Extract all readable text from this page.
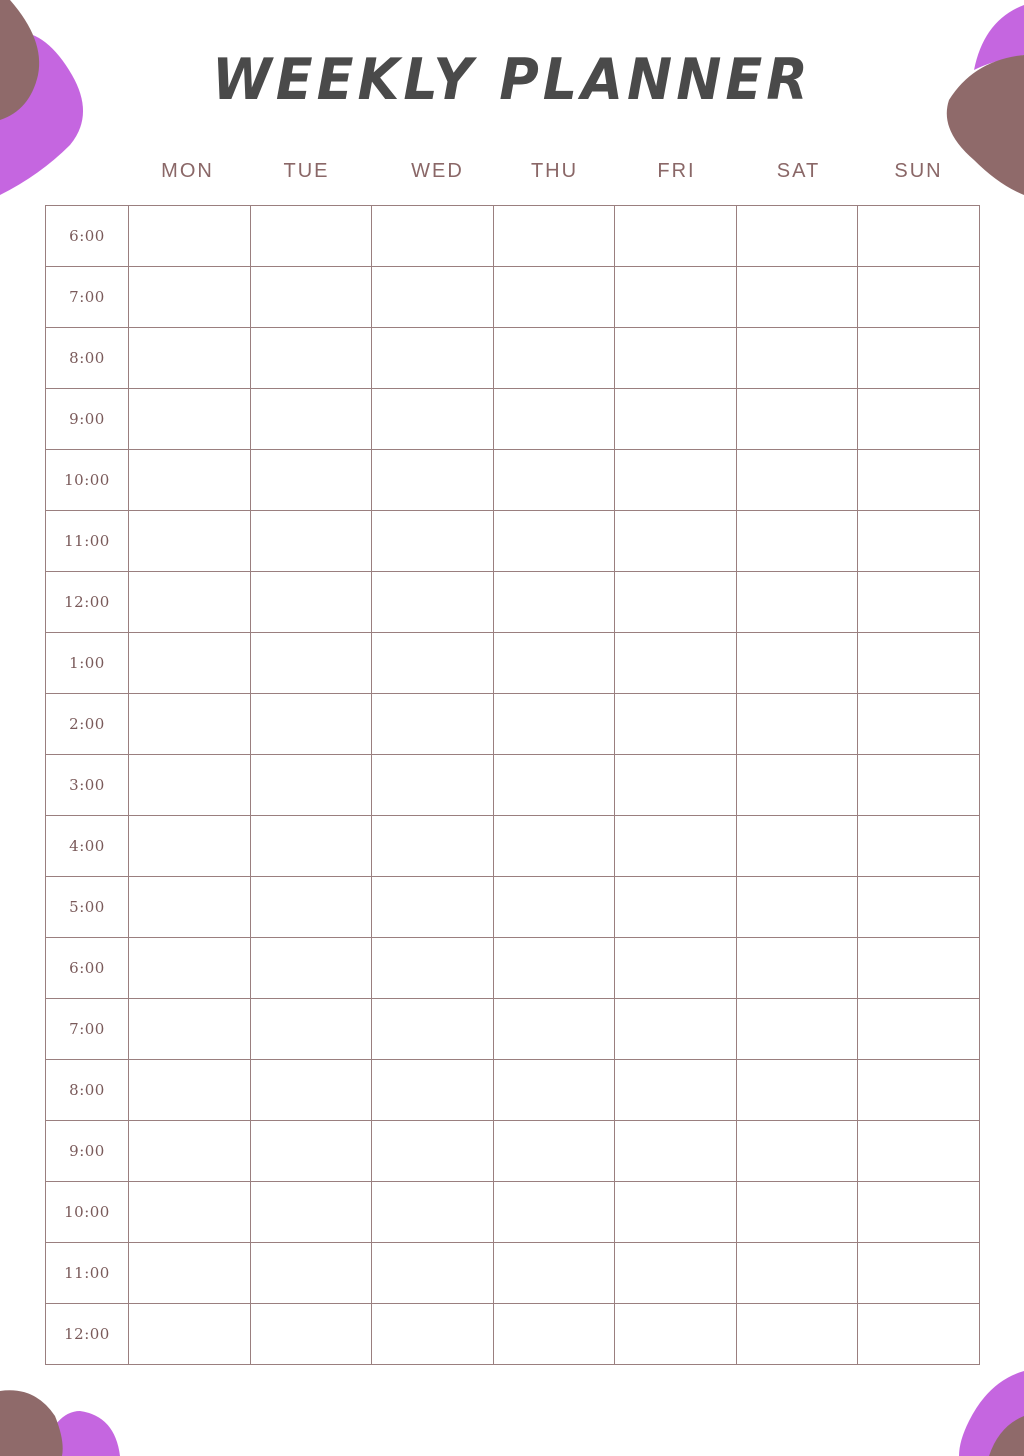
WEEKLY PLANNER
MON	TUE	WED	THU	FRI	SAT	SUN
6:00							
7:00							
8:00							
9:00							
10:00							
11:00							
12:00							
1:00							
2:00							
3:00							
4:00							
5:00							
6:00							
7:00							
8:00							
9:00							
10:00							
11:00							
12:00							
